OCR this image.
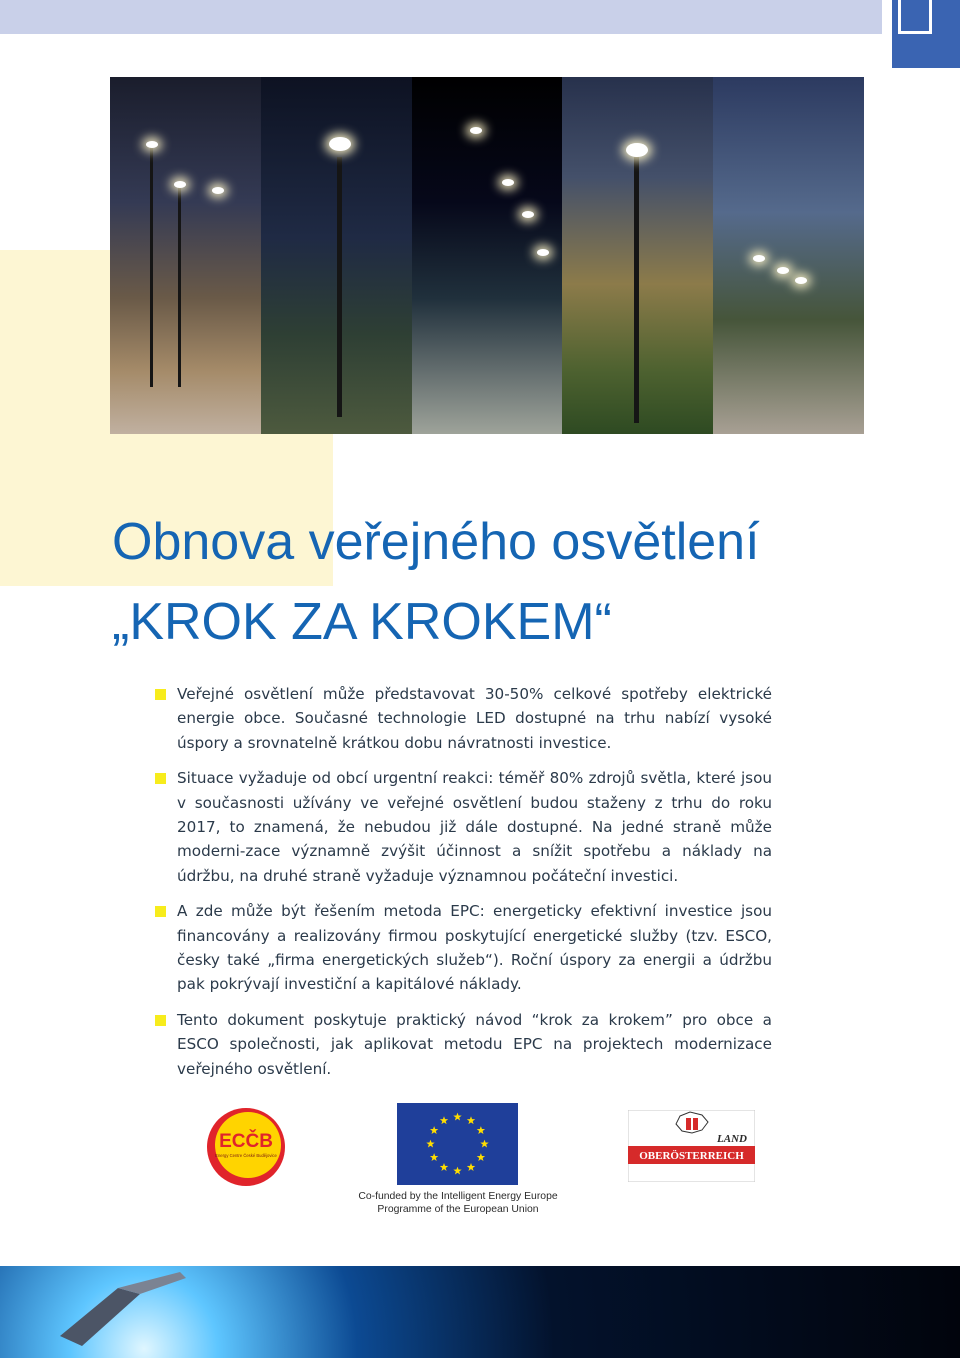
Obnova veřejného osvětlení
„KROK ZA KROKEM“
Veřejné osvětlení může představovat 30-50% celkové spotřeby elektrické energie obce. Současné technologie LED dostupné na trhu nabízí vysoké úspory a srovnatelně krátkou dobu návratnosti investice.
Situace vyžaduje od obcí urgentní reakci: téměř 80% zdrojů světla, které jsou v současnosti užívány ve veřejné osvětlení budou staženy z trhu do roku 2017, to znamená, že nebudou již dále dostupné. Na jedné straně může moderni-zace významně zvýšit účinnost a snížit spotřebu a náklady na údržbu, na druhé straně vyžaduje významnou počáteční investici.
A zde může být řešením metoda EPC: energeticky efektivní investice jsou financovány a realizovány firmou poskytující energetické služby (tzv. ESCO, česky také „firma energetických služeb“). Roční úspory za energii a údržbu pak pokrývají investiční a kapitálové náklady.
Tento dokument poskytuje praktický návod “krok za krokem” pro obce a ESCO společnosti, jak aplikovat metodu EPC na projektech modernizace veřejného osvětlení.
ECČB
Energy Centre České Budějovice
LAND
OBERÖSTERREICH
Co-funded by the Intelligent Energy Europe
Programme of the European Union
